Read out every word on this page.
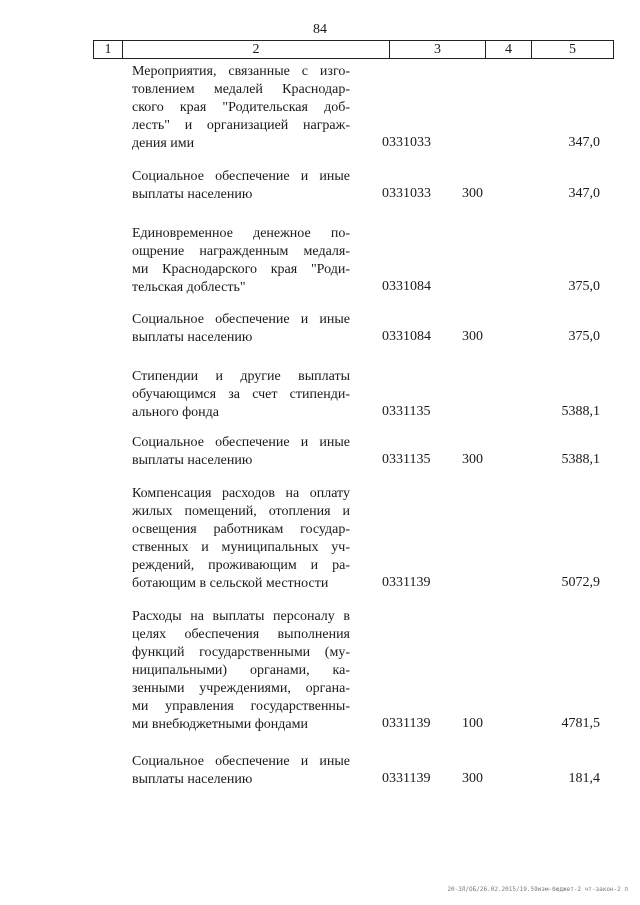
84
1	2	3	4	5
Мероприятия, связанные с изго-
товлением медалей Краснодар-
ского края "Родительская доб-
лесть" и организацией награж-
дения ими	0331033	347,0
Социальное обеспечение и иные
выплаты населению	0331033 300	347,0
Единовременное денежное по-
ощрение награжденным медаля-
ми Краснодарского края "Роди-
тельская доблесть"	0331084	375,0
Социальное обеспечение и иные
выплаты населению	0331084 300	375,0
Стипендии и другие выплаты
обучающимся за счет стипенди-
ального фонда	0331135	5388,1
Социальное обеспечение и иные
выплаты населению	0331135 300	5388,1
Компенсация расходов на оплату
жилых помещений, отопления и
освещения работникам государ-
ственных и муниципальных уч-
реждений, проживающим и ра-
ботающим в сельской местности	0331139	5072,9
Расходы на выплаты персоналу в
целях обеспечения выполнения
функций государственными (му-
ниципальными) органами, ка-
зенными учреждениями, органа-
ми управления государственны-
ми внебюджетными фондами	0331139 100	4781,5
Социальное обеспечение и иные
выплаты населению	0331139 300	181,4
20-3Л/ОБ/26.02.2015/19.59изм-бюджет-2 чт-закон-2 п
